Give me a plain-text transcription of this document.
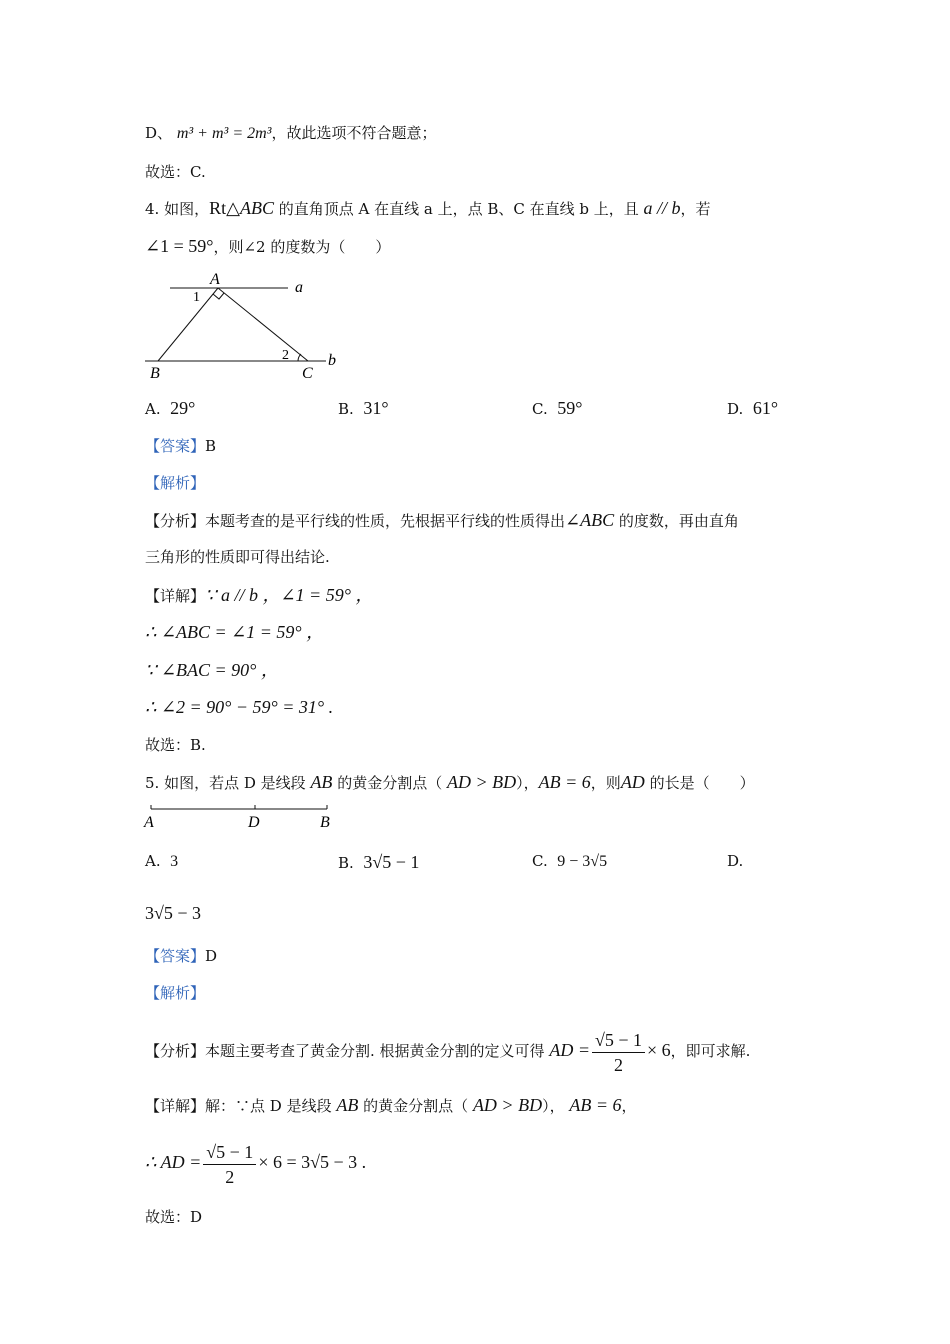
D、 m³ + m³ = 2m³，故此选项不符合题意；
故选：C.
4. 如图，Rt△ABC 的直角顶点 A 在直线 a 上，点 B、C 在直线 b 上，且 a // b，若
∠1 = 59°，则∠2 的度数为（　　）
A	a
1
2 b
B	C
A. 29°	B. 31°	C. 59°	D. 61°
【答案】B
【解析】
【分析】本题考查的是平行线的性质，先根据平行线的性质得出∠ABC 的度数，再由直角
三角形的性质即可得出结论.
【详解】∵ a // b ，∠1 = 59° ，
∴ ∠ABC = ∠1 = 59° ，
∵ ∠BAC = 90° ，
∴ ∠2 = 90° − 59° = 31° .
故选：B.
5. 如图，若点 D 是线段 AB 的黄金分割点（ AD > BD），AB = 6，则AD 的长是（　　）
A	D	B
A. 3	B. 3√5 − 1	C. 9 − 3√5	D.
3√5 − 3
【答案】D
【解析】
【分析】本题主要考查了黄金分割. 根据黄金分割的定义可得 AD = $\frac{√5 - 1}{2} \times 6$，即可求解.
【详解】解：∵点 D 是线段 AB 的黄金分割点（ AD > BD）， AB = 6，
∴ AD = $\frac{√5 - 1}{2} \times 6 = 3√5 - 3$ .
故选：D
